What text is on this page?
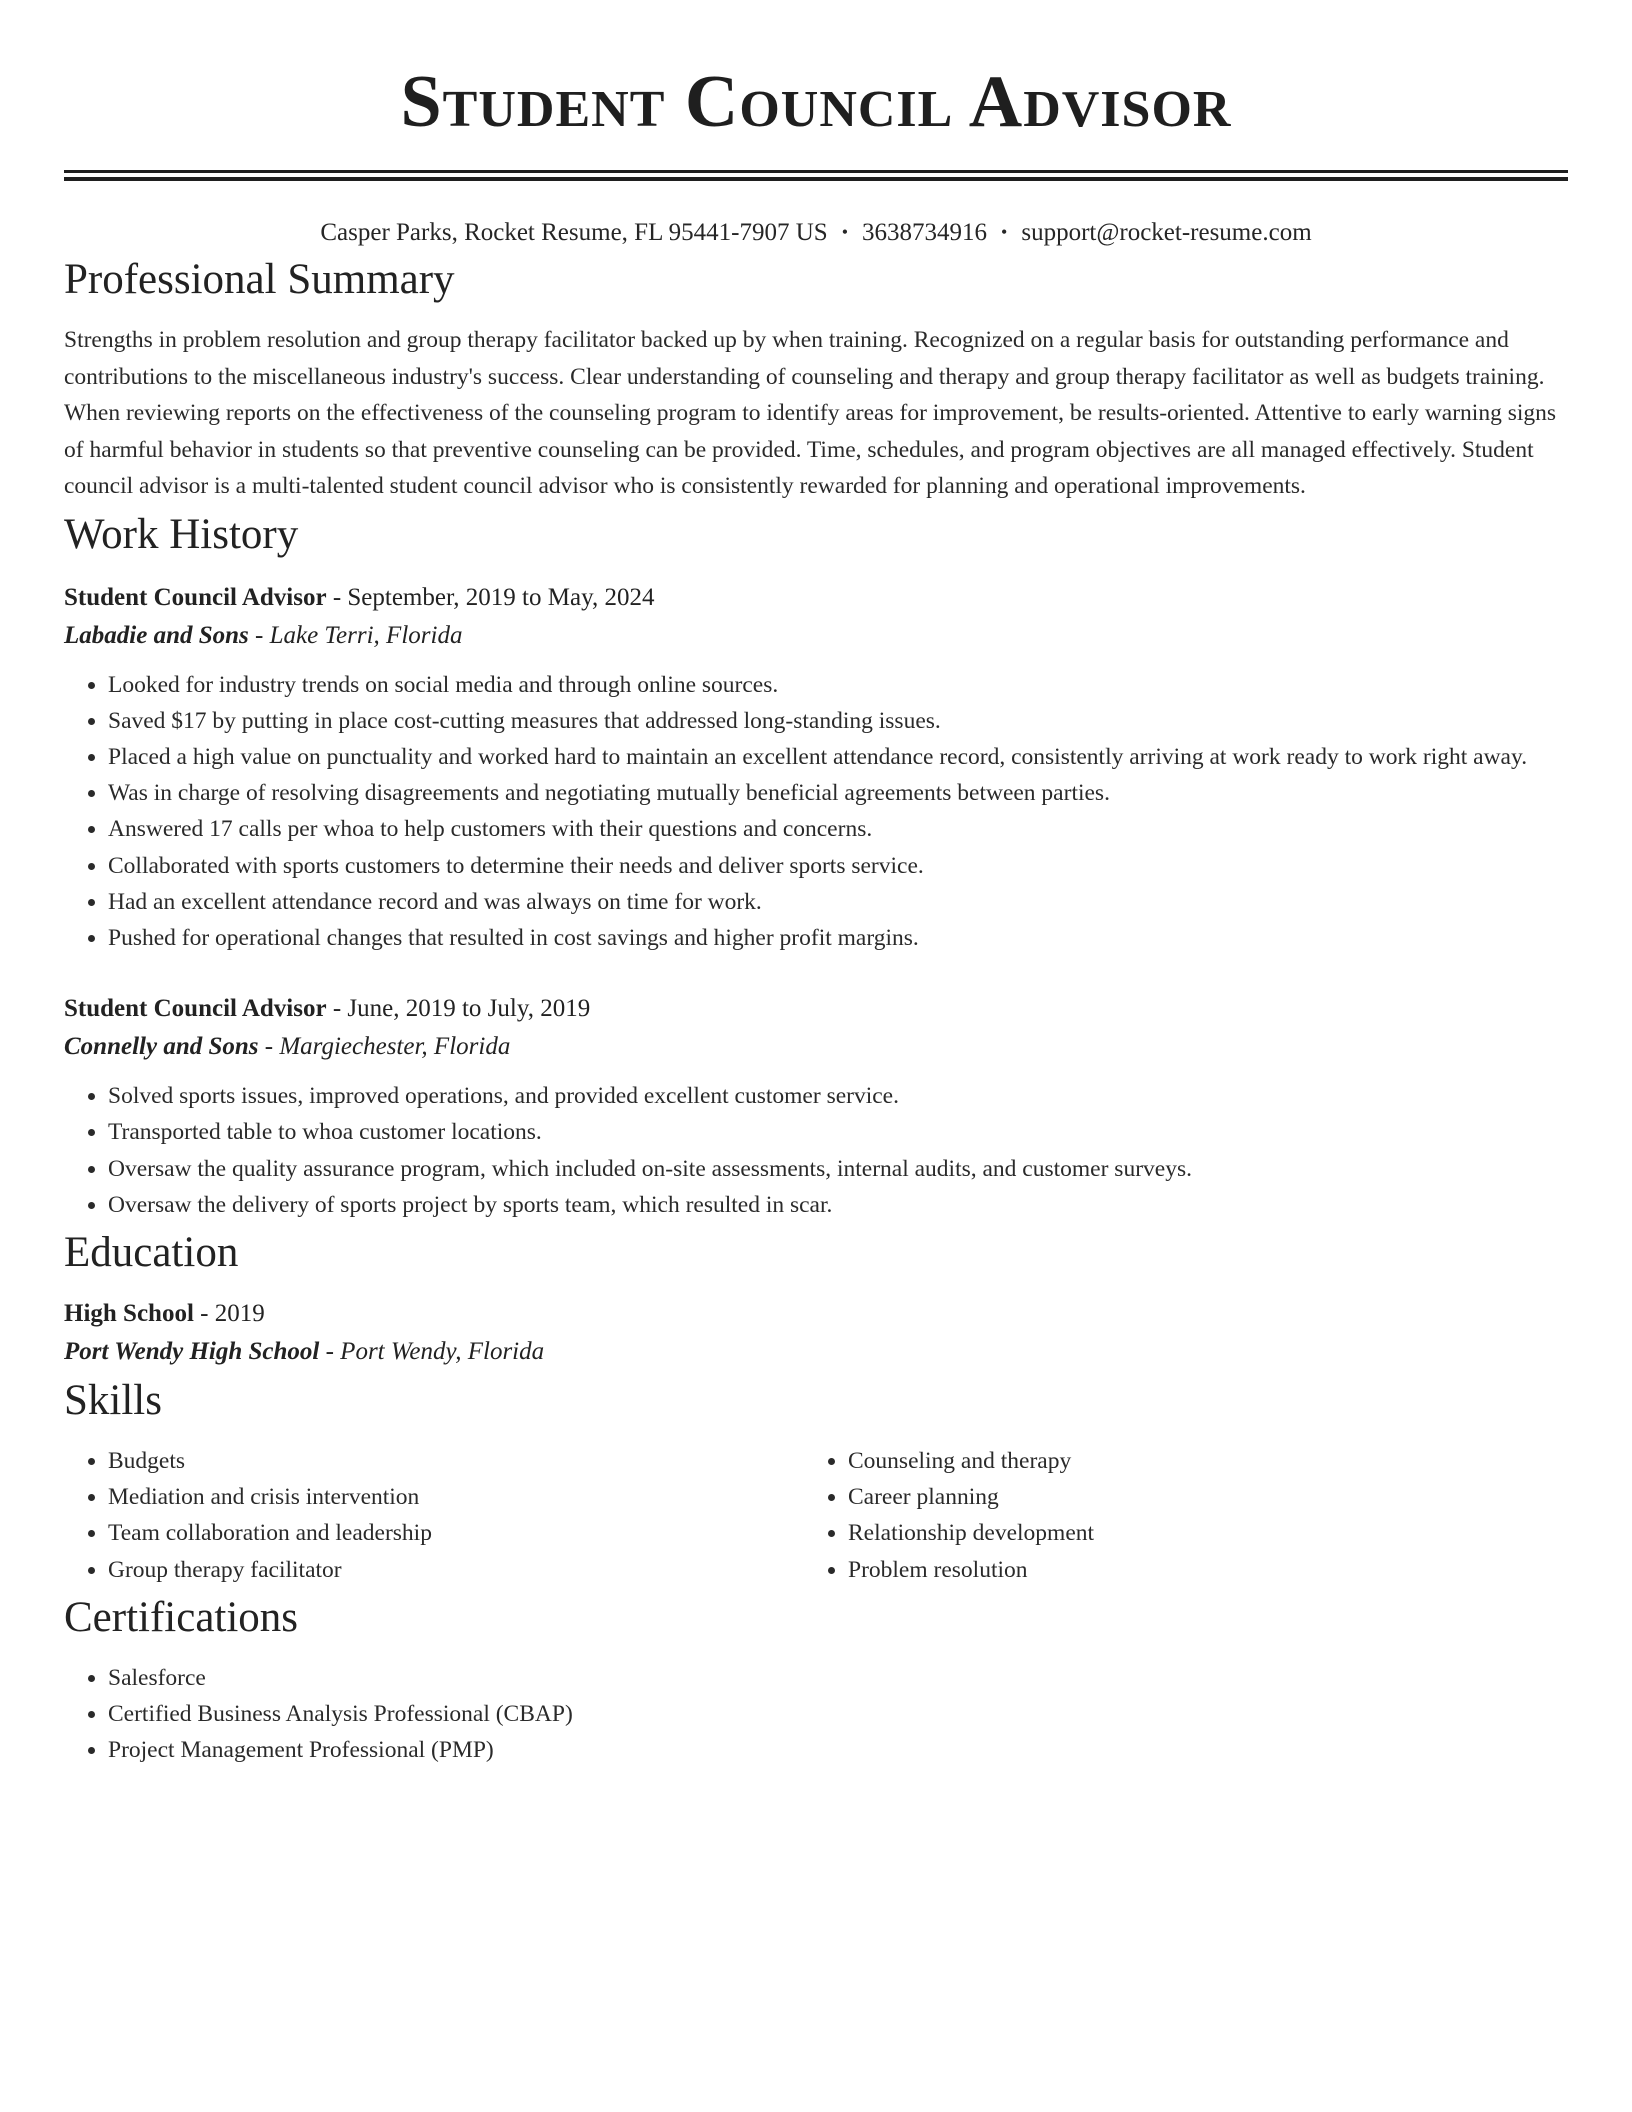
Student Council Advisor
Casper Parks, Rocket Resume, FL 95441-7907 US • 3638734916 • support@rocket-resume.com
Professional Summary

Strengths in problem resolution and group therapy facilitator backed up by when training. Recognized on a regular basis for outstanding performance and contributions to the miscellaneous industry's success. Clear understanding of counseling and therapy and group therapy facilitator as well as budgets training. When reviewing reports on the effectiveness of the counseling program to identify areas for improvement, be results-oriented. Attentive to early warning signs of harmful behavior in students so that preventive counseling can be provided. Time, schedules, and program objectives are all managed effectively. Student council advisor is a multi-talented student council advisor who is consistently rewarded for planning and operational improvements.

Work History
Student Council Advisor - September, 2019 to May, 2024
Labadie and Sons - Lake Terri, Florida
• Looked for industry trends on social media and through online sources.
• Saved $17 by putting in place cost-cutting measures that addressed long-standing issues.
• Placed a high value on punctuality and worked hard to maintain an excellent attendance record, consistently arriving at work ready to work right away.
• Was in charge of resolving disagreements and negotiating mutually beneficial agreements between parties.
• Answered 17 calls per whoa to help customers with their questions and concerns.
• Collaborated with sports customers to determine their needs and deliver sports service.
• Had an excellent attendance record and was always on time for work.
• Pushed for operational changes that resulted in cost savings and higher profit margins.
Student Council Advisor - June, 2019 to July, 2019
Connelly and Sons - Margiechester, Florida
• Solved sports issues, improved operations, and provided excellent customer service.
• Transported table to whoa customer locations.
• Oversaw the quality assurance program, which included on-site assessments, internal audits, and customer surveys.
• Oversaw the delivery of sports project by sports team, which resulted in scar.
Education
High School - 2019
Port Wendy High School - Port Wendy, Florida
Skills
• Budgets
• Mediation and crisis intervention
• Team collaboration and leadership
• Group therapy facilitator
• Counseling and therapy
• Career planning
• Relationship development
• Problem resolution
Certifications
• Salesforce
• Certified Business Analysis Professional (CBAP)
• Project Management Professional (PMP)
